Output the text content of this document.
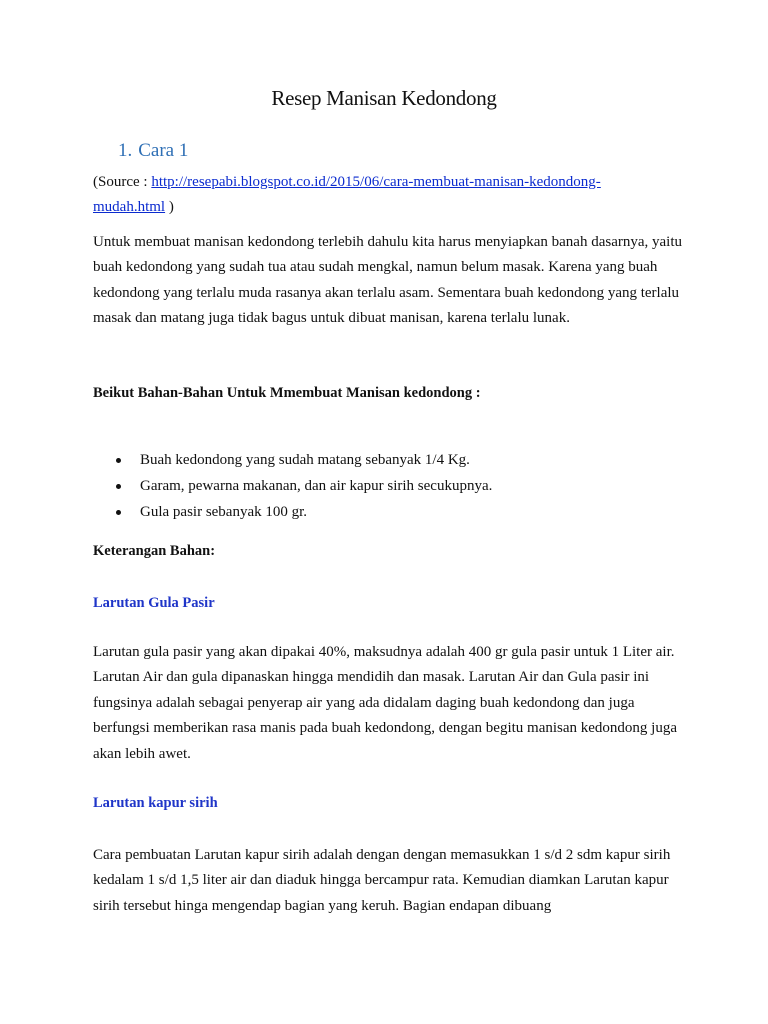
Resep Manisan Kedondong
1. Cara 1
(Source : http://resepabi.blogspot.co.id/2015/06/cara-membuat-manisan-kedondong-
mudah.html )
Untuk membuat manisan kedondong terlebih dahulu kita harus menyiapkan banah dasarnya, yaitu buah kedondong yang sudah tua atau sudah mengkal, namun belum masak. Karena yang buah kedondong yang terlalu muda rasanya akan terlalu asam. Sementara buah kedondong yang terlalu masak dan matang juga tidak bagus untuk dibuat manisan, karena terlalu lunak.
Beikut Bahan-Bahan Untuk Mmembuat Manisan kedondong :
Buah kedondong yang sudah matang sebanyak 1/4 Kg.
Garam, pewarna makanan, dan air kapur sirih secukupnya.
Gula pasir sebanyak 100 gr.
Keterangan Bahan:
Larutan Gula Pasir
Larutan gula pasir yang akan dipakai 40%, maksudnya adalah 400 gr gula pasir untuk 1 Liter air. Larutan Air dan gula dipanaskan hingga mendidih dan masak. Larutan Air dan Gula pasir ini fungsinya adalah sebagai penyerap air yang ada didalam daging buah kedondong dan juga berfungsi memberikan rasa manis pada buah kedondong, dengan begitu manisan kedondong juga akan lebih awet.
Larutan kapur sirih
Cara pembuatan Larutan kapur sirih adalah dengan dengan memasukkan 1 s/d 2 sdm kapur sirih kedalam 1 s/d 1,5 liter air dan diaduk hingga bercampur rata. Kemudian diamkan Larutan kapur sirih tersebut hinga mengendap bagian yang keruh. Bagian endapan dibuang
